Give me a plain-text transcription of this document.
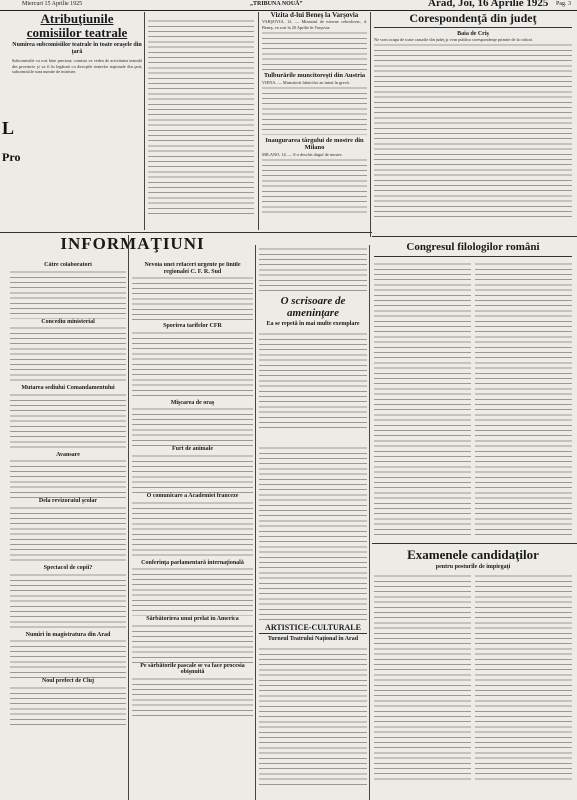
Miercuri 15 Aprilie 1925	„TRIBUNA NOUĂ”	Arad, Joi, 16 Aprilie 1925 Pag. 3
Atribuţiunile comisiilor teatrale
Numirea subcomisiilor teatrale în toate oraşele din ţară
Subcomisiile cu rost bine precizat; comisia va vedea de activitatea teatrală din provincie şi va fi în legătură cu direcţiile teatrelor naţionale din ţară; subcomisiile sunt numite de minister.
L
Pro
Vizita d-lui Beneş la Varşovia
VARŞOVIA, 12. — Ministrul de externe cehoslovac, d. Beneş, va sosi la 20 Aprilie în Varşovia.
Tulburările muncitoreşti din Austria
VIENA. — Muncitorii fabricilor au intrat în grevă.
Inaugurarea târgului de mostre din Milano
MILANO, 14. — S-a deschis târgul de mostre.
Corespondenţă din judeţ
Baia de Criş
Ne vom ocupa de toate cazurile din judeţ şi vom publica corespondenţe primite de la cititori.
INFORMAŢIUNI
Către colaboratori
Concediu ministerial
Mutarea sediului Comandamentului
Avansare
Dela revizoratul şcolar
Spectacol de copii?
Numiri în magistratura din Arad
Noul prefect de Cluj
Nevoia unei refaceri urgente pe liniile regionalei C. F. R. Sud
Sporirea tarifelor CFR
Mişcarea de oraş
Furt de animale
O comunicare a Academiei franceze
Conferinţa parlamentară internaţională
Sărbătorirea unui prelat în America
Pe sărbătorile pascale se va face procesia obişnuită
O scrisoare de ameninţare
Ea se repetă în mai multe exemplare
ARTISTICE-CULTURALE
Turneul Teatrului Naţional în Arad
Congresul filologilor români
Examenele candidaţilor
pentru posturile de impiegaţi
